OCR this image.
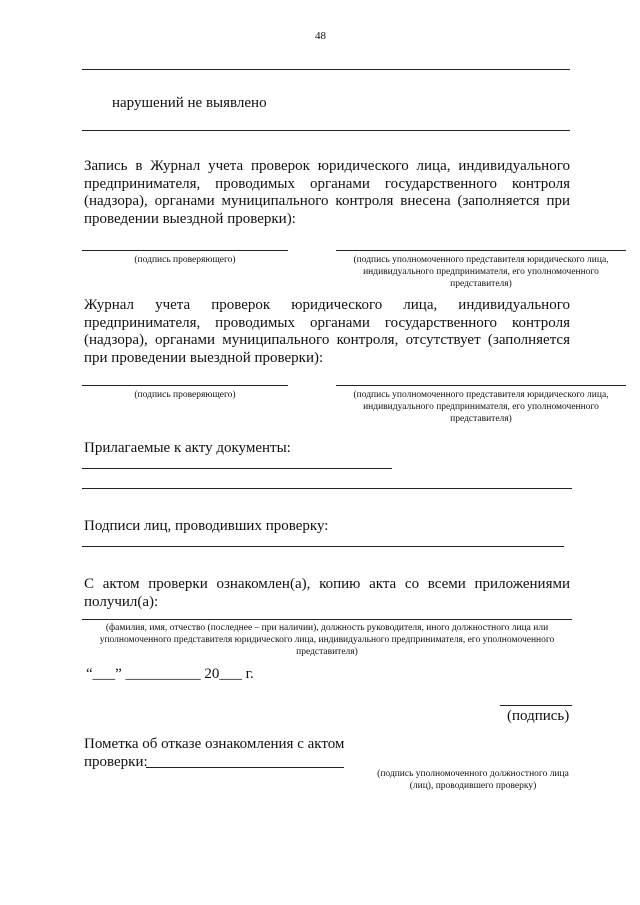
48
нарушений не выявлено
Запись в Журнал учета проверок юридического лица, индивидуального
предпринимателя, проводимых органами государственного контроля
(надзора), органами муниципального контроля внесена (заполняется при
проведении выездной проверки):
(подпись проверяющего)	(подпись уполномоченного представителя юридического лица, индивидуального предпринимателя, его уполномоченного представителя)
Журнал учета проверок юридического лица, индивидуального
предпринимателя, проводимых органами государственного контроля
(надзора), органами муниципального контроля, отсутствует (заполняется
при проведении выездной проверки):
(подпись проверяющего)	(подпись уполномоченного представителя юридического лица, индивидуального предпринимателя, его уполномоченного представителя)
Прилагаемые к акту документы:
Подписи лиц, проводивших проверку:
С актом проверки ознакомлен(а), копию акта со всеми приложениями
получил(а):
(фамилия, имя, отчество (последнее – при наличии), должность руководителя, иного должностного лица или уполномоченного представителя юридического лица, индивидуального предпринимателя, его уполномоченного представителя)
“___” __________ 20___ г.
(подпись)
Пометка об отказе ознакомления с актом
проверки:
(подпись уполномоченного должностного лица (лиц), проводившего проверку)
